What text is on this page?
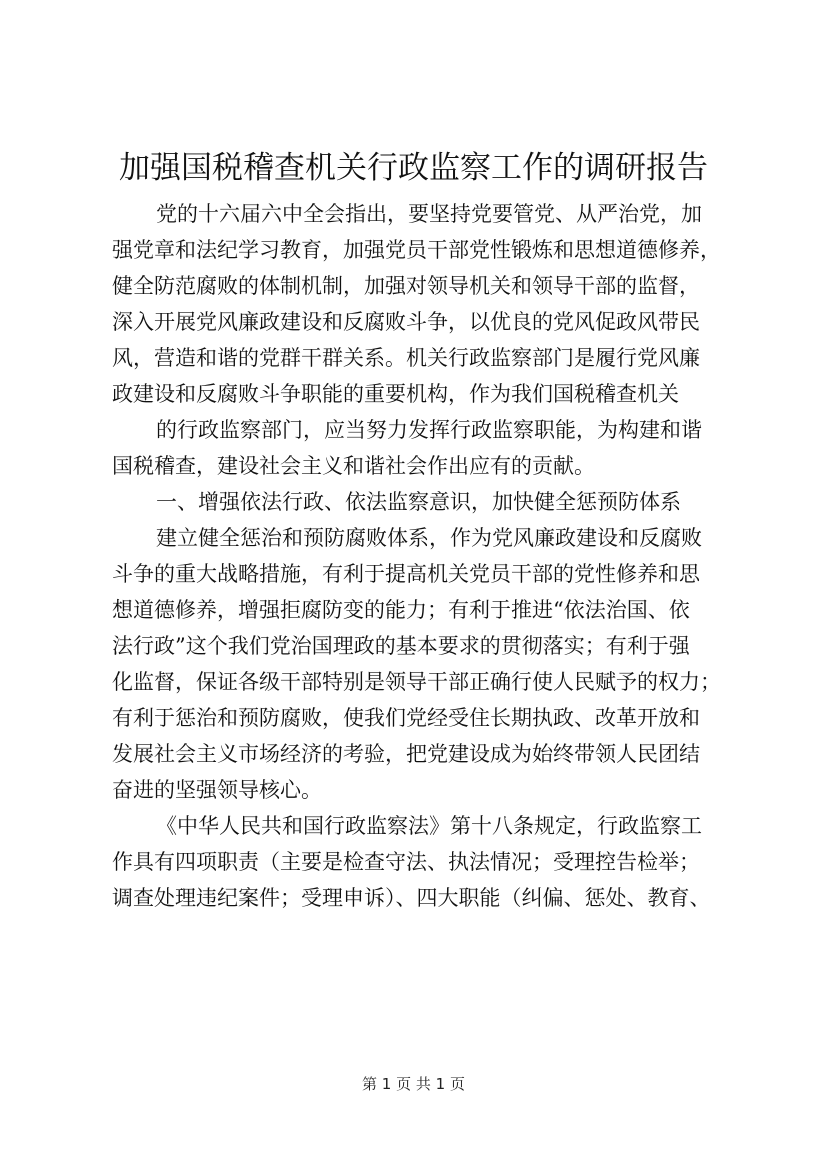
加强国税稽查机关行政监察工作的调研报告

党的十六届六中全会指出，要坚持党要管党、从严治党，加

强党章和法纪学习教育，加强党员干部党性锻炼和思想道德修养，

健全防范腐败的体制机制，加强对领导机关和领导干部的监督，

深入开展党风廉政建设和反腐败斗争，以优良的党风促政风带民

风，营造和谐的党群干群关系。机关行政监察部门是履行党风廉

政建设和反腐败斗争职能的重要机构，作为我们国税稽查机关

的行政监察部门，应当努力发挥行政监察职能，为构建和谐

国税稽查，建设社会主义和谐社会作出应有的贡献。

一、增强依法行政、依法监察意识，加快健全惩预防体系

建立健全惩治和预防腐败体系，作为党风廉政建设和反腐败

斗争的重大战略措施，有利于提高机关党员干部的党性修养和思

想道德修养，增强拒腐防变的能力；有利于推进“依法治国、依

法行政”这个我们党治国理政的基本要求的贯彻落实；有利于强

化监督，保证各级干部特别是领导干部正确行使人民赋予的权力；

有利于惩治和预防腐败，使我们党经受住长期执政、改革开放和

发展社会主义市场经济的考验，把党建设成为始终带领人民团结

奋进的坚强领导核心。

《中华人民共和国行政监察法》第十八条规定，行政监察工

作具有四项职责（主要是检查守法、执法情况；受理控告检举；

调查处理违纪案件；受理申诉）、四大职能（纠偏、惩处、教育、

第 1 页 共 1 页
